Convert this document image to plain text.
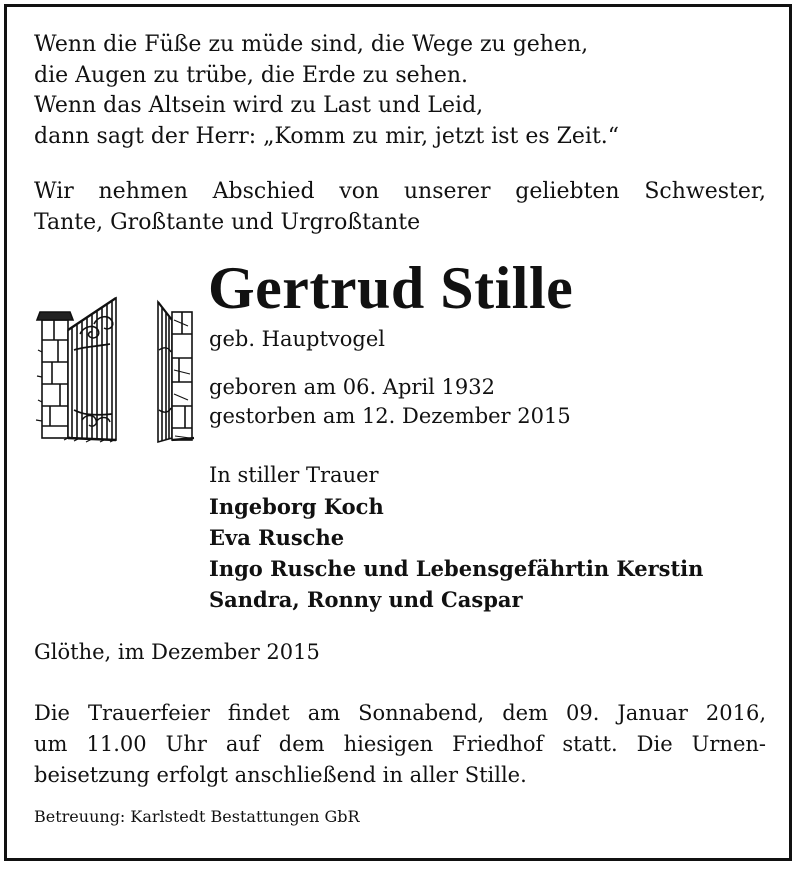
Wenn die Füße zu müde sind, die Wege zu gehen,
die Augen zu trübe, die Erde zu sehen.
Wenn das Altsein wird zu Last und Leid,
dann sagt der Herr: „Komm zu mir, jetzt ist es Zeit.“
Wir nehmen Abschied von unserer geliebten Schwester,
Tante, Großtante und Urgroßtante
Gertrud Stille
geb. Hauptvogel
geboren am 06. April 1932
gestorben am 12. Dezember 2015
In stiller Trauer
Ingeborg Koch
Eva Rusche
Ingo Rusche und Lebensgefährtin Kerstin
Sandra, Ronny und Caspar
Glöthe, im Dezember 2015
Die Trauerfeier findet am Sonnabend, dem 09. Januar 2016,
um 11.00 Uhr auf dem hiesigen Friedhof statt. Die Urnen-
beisetzung erfolgt anschließend in aller Stille.
Betreuung: Karlstedt Bestattungen GbR
